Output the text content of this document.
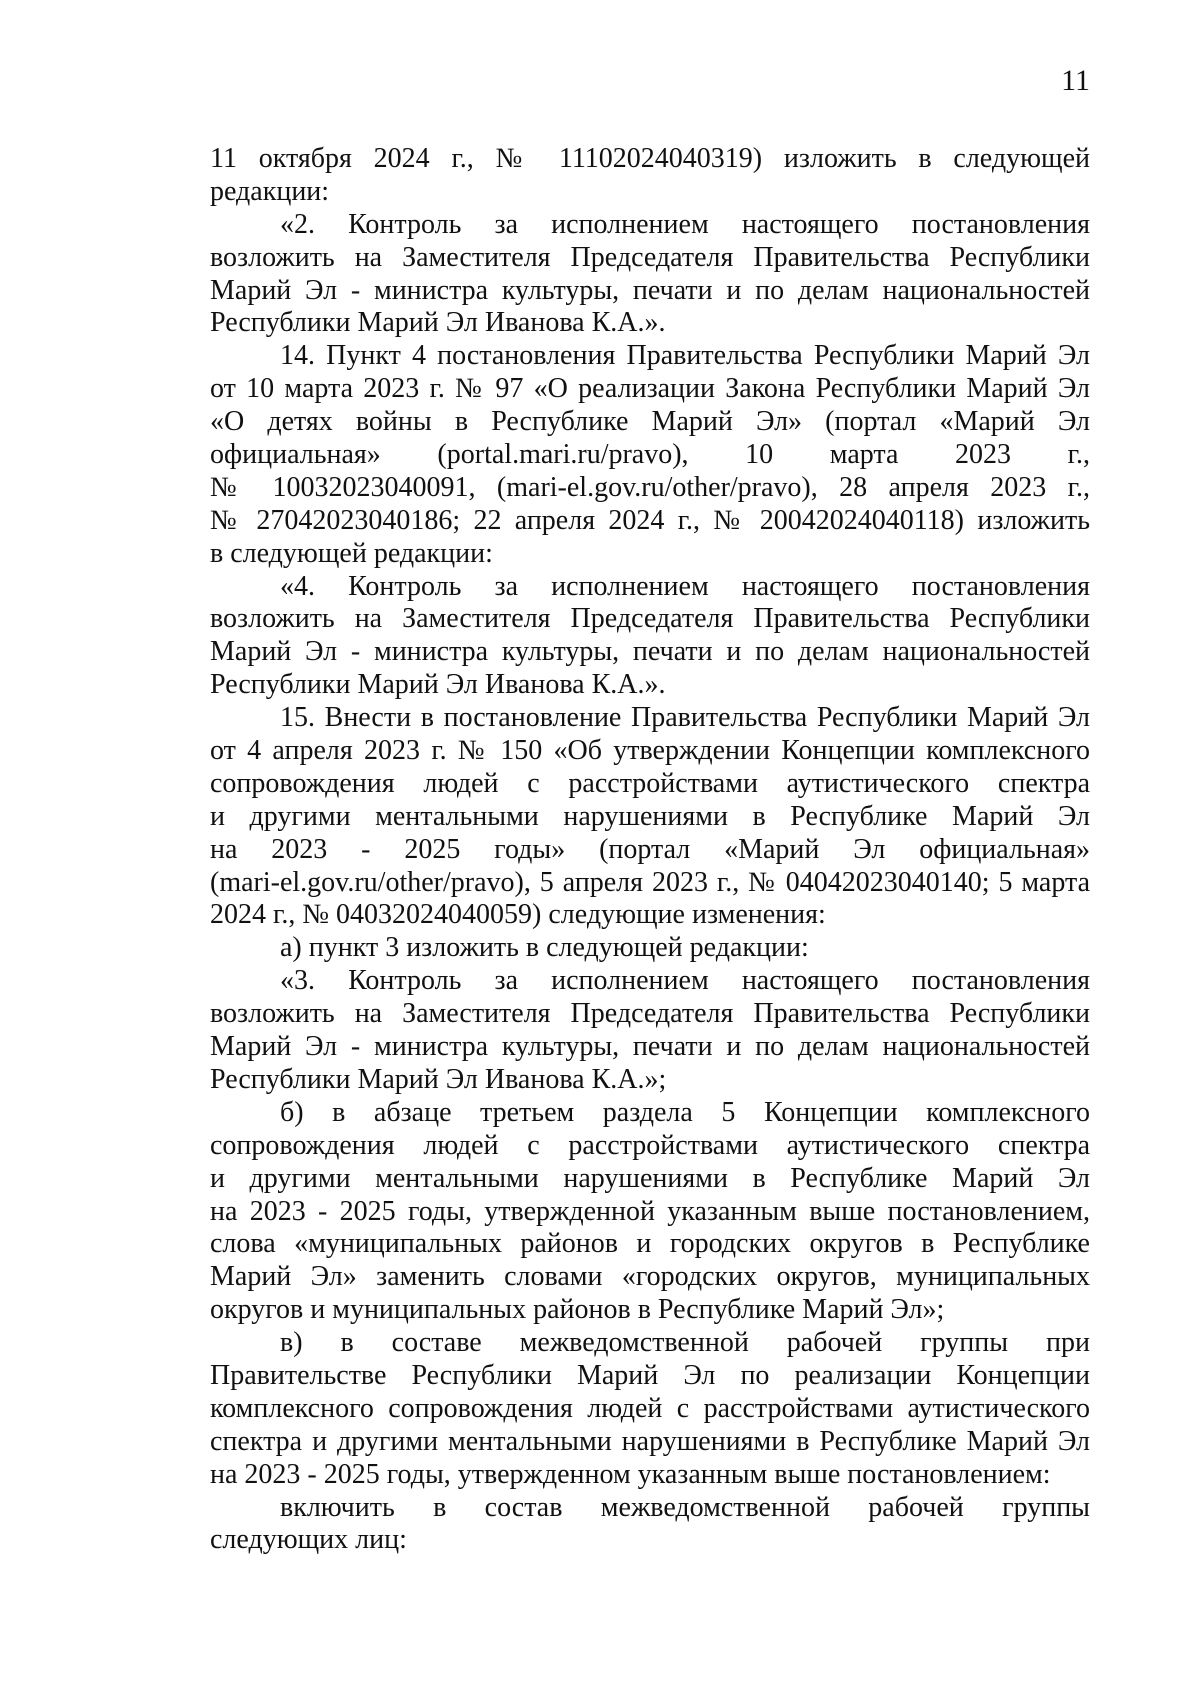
11
11 октября 2024 г., № 11102024040319) изложить в следующей
редакции:
«2. Контроль за исполнением настоящего постановления
возложить на Заместителя Председателя Правительства Республики
Марий Эл - министра культуры, печати и по делам национальностей
Республики Марий Эл Иванова К.А.».
14. Пункт 4 постановления Правительства Республики Марий Эл
от 10 марта 2023 г. № 97 «О реализации Закона Республики Марий Эл
«О детях войны в Республике Марий Эл» (портал «Марий Эл
официальная» (portal.mari.ru/pravo), 10 марта 2023 г.,
№ 10032023040091, (mari-el.gov.ru/other/pravo), 28 апреля 2023 г.,
№ 27042023040186; 22 апреля 2024 г., № 20042024040118) изложить
в следующей редакции:
«4. Контроль за исполнением настоящего постановления
возложить на Заместителя Председателя Правительства Республики
Марий Эл - министра культуры, печати и по делам национальностей
Республики Марий Эл Иванова К.А.».
15. Внести в постановление Правительства Республики Марий Эл
от 4 апреля 2023 г. № 150 «Об утверждении Концепции комплексного
сопровождения людей с расстройствами аутистического спектра
и другими ментальными нарушениями в Республике Марий Эл
на 2023 - 2025 годы» (портал «Марий Эл официальная»
(mari-el.gov.ru/other/pravo), 5 апреля 2023 г., № 04042023040140; 5 марта
2024 г., № 04032024040059) следующие изменения:
а) пункт 3 изложить в следующей редакции:
«3. Контроль за исполнением настоящего постановления
возложить на Заместителя Председателя Правительства Республики
Марий Эл - министра культуры, печати и по делам национальностей
Республики Марий Эл Иванова К.А.»;
б) в абзаце третьем раздела 5 Концепции комплексного
сопровождения людей с расстройствами аутистического спектра
и другими ментальными нарушениями в Республике Марий Эл
на 2023 - 2025 годы, утвержденной указанным выше постановлением,
слова «муниципальных районов и городских округов в Республике
Марий Эл» заменить словами «городских округов, муниципальных
округов и муниципальных районов в Республике Марий Эл»;
в) в составе межведомственной рабочей группы при
Правительстве Республики Марий Эл по реализации Концепции
комплексного сопровождения людей с расстройствами аутистического
спектра и другими ментальными нарушениями в Республике Марий Эл
на 2023 - 2025 годы, утвержденном указанным выше постановлением:
включить в состав межведомственной рабочей группы
следующих лиц:
